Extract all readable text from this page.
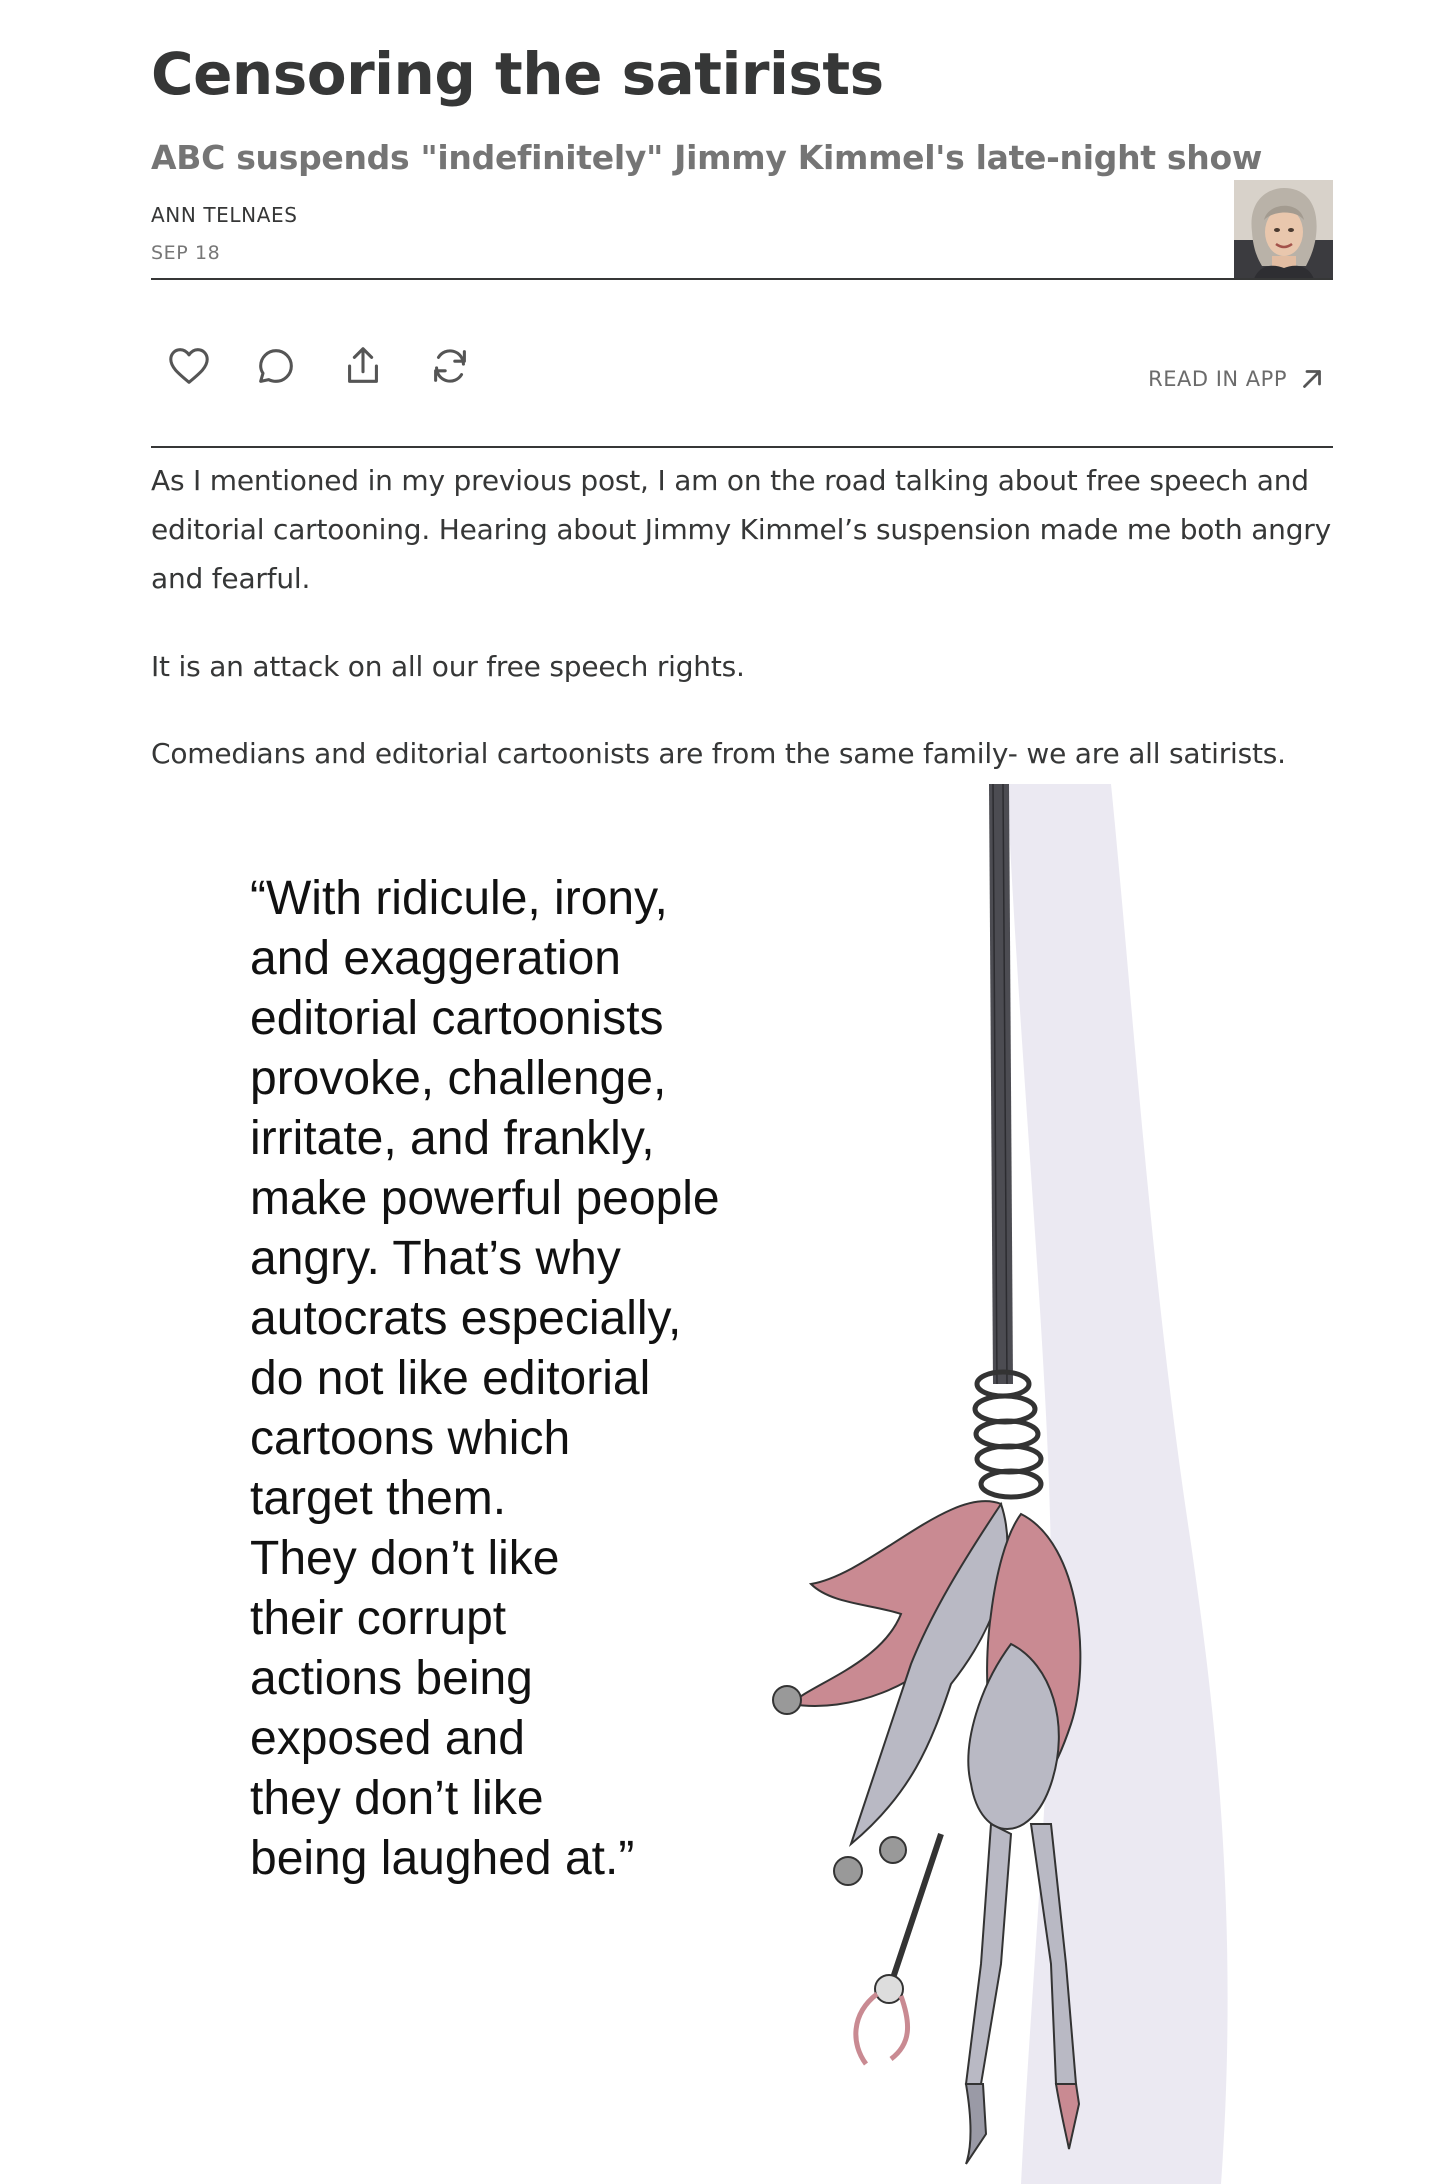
Censoring the satirists
ABC suspends "indefinitely" Jimmy Kimmel's late-night show
ANN TELNAES
SEP 18
READ IN APP

As I mentioned in my previous post, I am on the road talking about free speech and editorial cartooning. Hearing about Jimmy Kimmel’s suspension made me both angry and fearful.

It is an attack on all our free speech rights.

Comedians and editorial cartoonists are from the same family- we are all satirists.

“With ridicule, irony,
and exaggeration
editorial cartoonists
provoke, challenge,
irritate, and frankly,
make powerful people
angry. That’s why
autocrats especially,
do not like editorial
cartoons which
target them.
They don’t like
their corrupt
actions being
exposed and
they don’t like
being laughed at.”
